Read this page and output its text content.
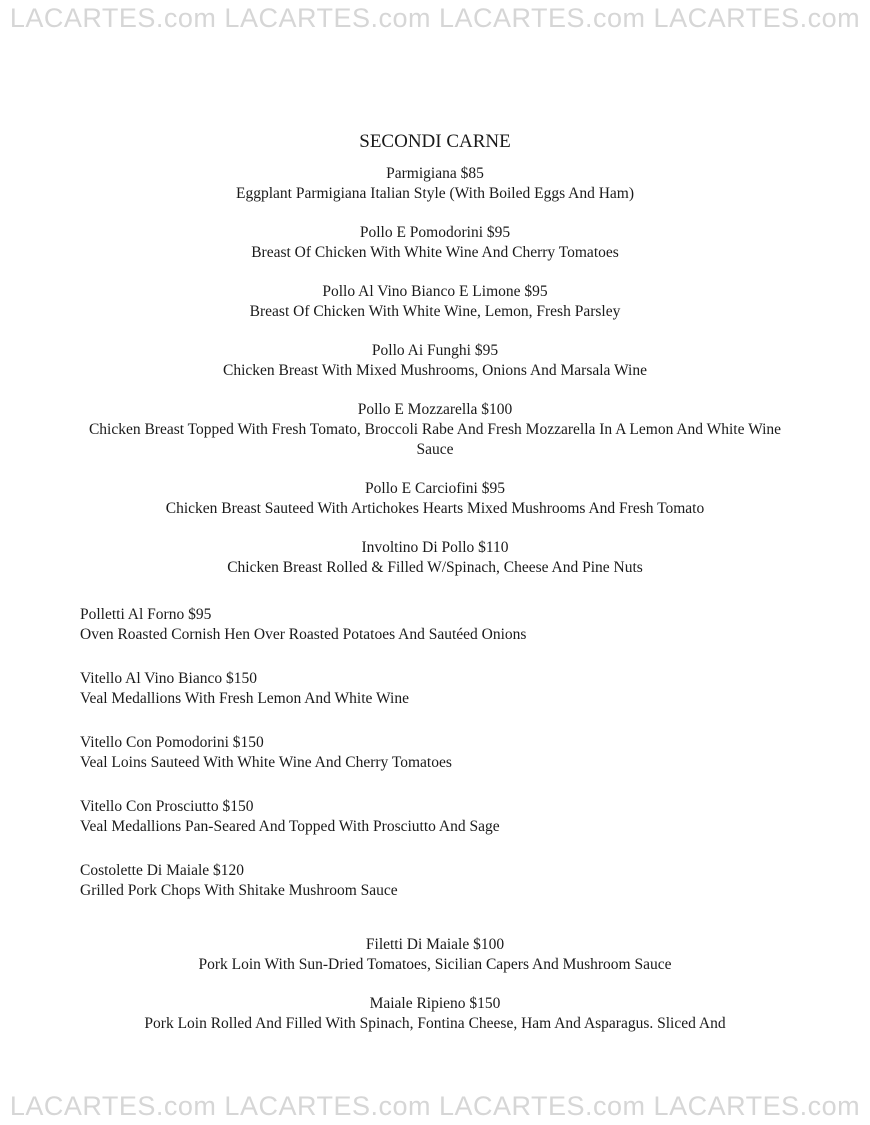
LACARTES.com LACARTES.com LACARTES.com LACARTES.com
SECONDI CARNE
Parmigiana $85
Eggplant Parmigiana Italian Style (With Boiled Eggs And Ham)
Pollo E Pomodorini $95
Breast Of Chicken With White Wine And Cherry Tomatoes
Pollo Al Vino Bianco E Limone $95
Breast Of Chicken With White Wine, Lemon, Fresh Parsley
Pollo Ai Funghi $95
Chicken Breast With Mixed Mushrooms, Onions And Marsala Wine
Pollo E Mozzarella $100
Chicken Breast Topped With Fresh Tomato, Broccoli Rabe And Fresh Mozzarella In A Lemon And White Wine Sauce
Pollo E Carciofini $95
Chicken Breast Sauteed With Artichokes Hearts Mixed Mushrooms And Fresh Tomato
Involtino Di Pollo $110
Chicken Breast Rolled & Filled W/Spinach, Cheese And Pine Nuts
Polletti Al Forno $95
Oven Roasted Cornish Hen Over Roasted Potatoes And Sautéed Onions
Vitello Al Vino Bianco $150
Veal Medallions With Fresh Lemon And White Wine
Vitello Con Pomodorini $150
Veal Loins Sauteed With White Wine And Cherry Tomatoes
Vitello Con Prosciutto $150
Veal Medallions Pan-Seared And Topped With Prosciutto And Sage
Costolette Di Maiale $120
Grilled Pork Chops With Shitake Mushroom Sauce
Filetti Di Maiale $100
Pork Loin With Sun-Dried Tomatoes, Sicilian Capers And Mushroom Sauce
Maiale Ripieno $150
Pork Loin Rolled And Filled With Spinach, Fontina Cheese, Ham And Asparagus. Sliced And
LACARTES.com LACARTES.com LACARTES.com LACARTES.com
